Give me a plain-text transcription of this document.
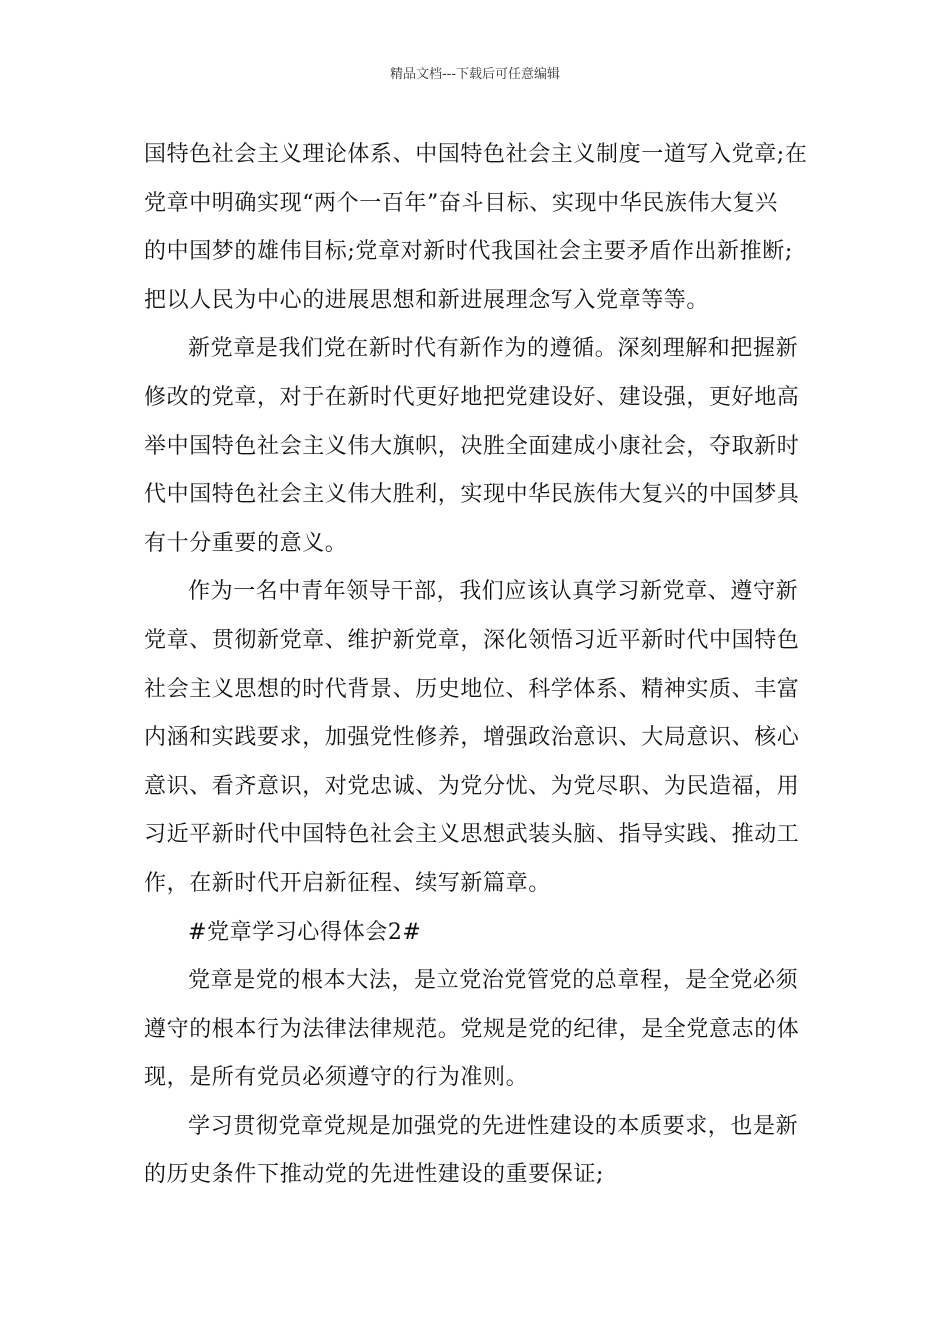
精品文档---下载后可任意编辑
国特色社会主义理论体系、中国特色社会主义制度一道写入党章;在
党章中明确实现“两个一百年”奋斗目标、实现中华民族伟大复兴
的中国梦的雄伟目标;党章对新时代我国社会主要矛盾作出新推断;
把以人民为中心的进展思想和新进展理念写入党章等等。
新党章是我们党在新时代有新作为的遵循。深刻理解和把握新
修改的党章，对于在新时代更好地把党建设好、建设强，更好地高
举中国特色社会主义伟大旗帜，决胜全面建成小康社会，夺取新时
代中国特色社会主义伟大胜利，实现中华民族伟大复兴的中国梦具
有十分重要的意义。
作为一名中青年领导干部，我们应该认真学习新党章、遵守新
党章、贯彻新党章、维护新党章，深化领悟习近平新时代中国特色
社会主义思想的时代背景、历史地位、科学体系、精神实质、丰富
内涵和实践要求，加强党性修养，增强政治意识、大局意识、核心
意识、看齐意识，对党忠诚、为党分忧、为党尽职、为民造福，用
习近平新时代中国特色社会主义思想武装头脑、指导实践、推动工
作，在新时代开启新征程、续写新篇章。
#党章学习心得体会2#
党章是党的根本大法，是立党治党管党的总章程，是全党必须
遵守的根本行为法律法律规范。党规是党的纪律，是全党意志的体
现，是所有党员必须遵守的行为准则。
学习贯彻党章党规是加强党的先进性建设的本质要求，也是新
的历史条件下推动党的先进性建设的重要保证;
